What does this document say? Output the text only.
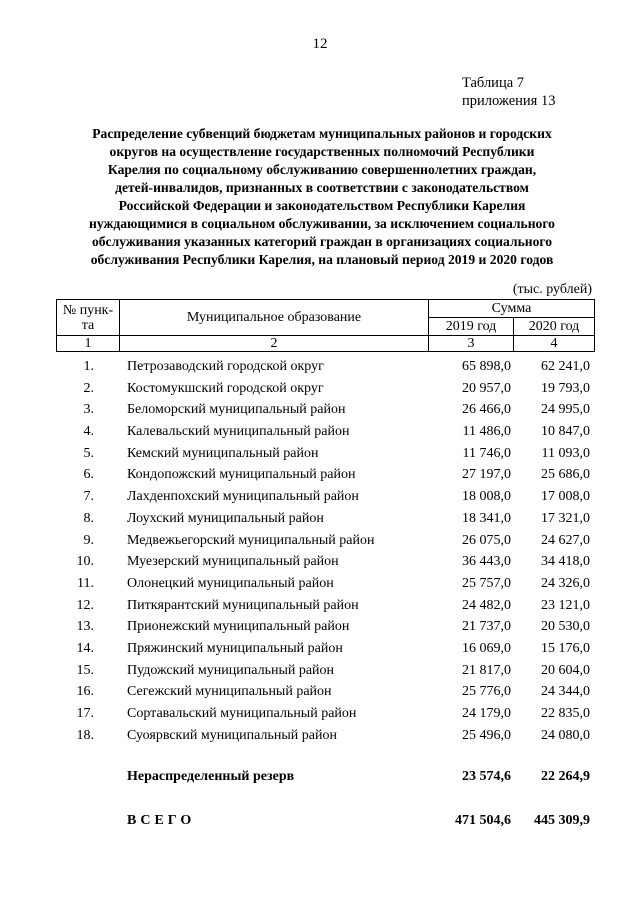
12
Таблица 7
приложения 13
Распределение субвенций бюджетам муниципальных районов и городских
округов на осуществление государственных полномочий Республики
Карелия по социальному обслуживанию совершеннолетних граждан,
детей-инвалидов, признанных в соответствии с законодательством
Российской Федерации и законодательством Республики Карелия
нуждающимися в социальном обслуживании, за исключением социального
обслуживания указанных категорий граждан в организациях социального
обслуживания Республики Карелия, на плановый период 2019 и 2020 годов
(тыс. рублей)
№ пунк-
та	Муниципальное образование	Сумма	
		2019 год	2020 год
1	2	3	4
1. Петрозаводский городской округ	65 898,0 62 241,0
2. Костомукшский городской округ	20 957,0 19 793,0
3. Беломорский муниципальный район	26 466,0 24 995,0
4. Калевальский муниципальный район	11 486,0 10 847,0
5. Кемский муниципальный район	11 746,0 11 093,0
6. Кондопожский муниципальный район	27 197,0 25 686,0
7. Лахденпохский муниципальный район	18 008,0 17 008,0
8. Лоухский муниципальный район	18 341,0 17 321,0
9. Медвежьегорский муниципальный район	26 075,0 24 627,0
10. Муезерский муниципальный район	36 443,0 34 418,0
11. Олонецкий муниципальный район	25 757,0 24 326,0
12. Питкярантский муниципальный район	24 482,0 23 121,0
13. Прионежский муниципальный район	21 737,0 20 530,0
14. Пряжинский муниципальный район	16 069,0 15 176,0
15. Пудожский муниципальный район	21 817,0 20 604,0
16. Сегежский муниципальный район	25 776,0 24 344,0
17. Сортавальский муниципальный район	24 179,0 22 835,0
18. Суоярвский муниципальный район	25 496,0 24 080,0
Нераспределенный резерв	23 574,6 22 264,9
ВСЕГО	471 504,6 445 309,9
